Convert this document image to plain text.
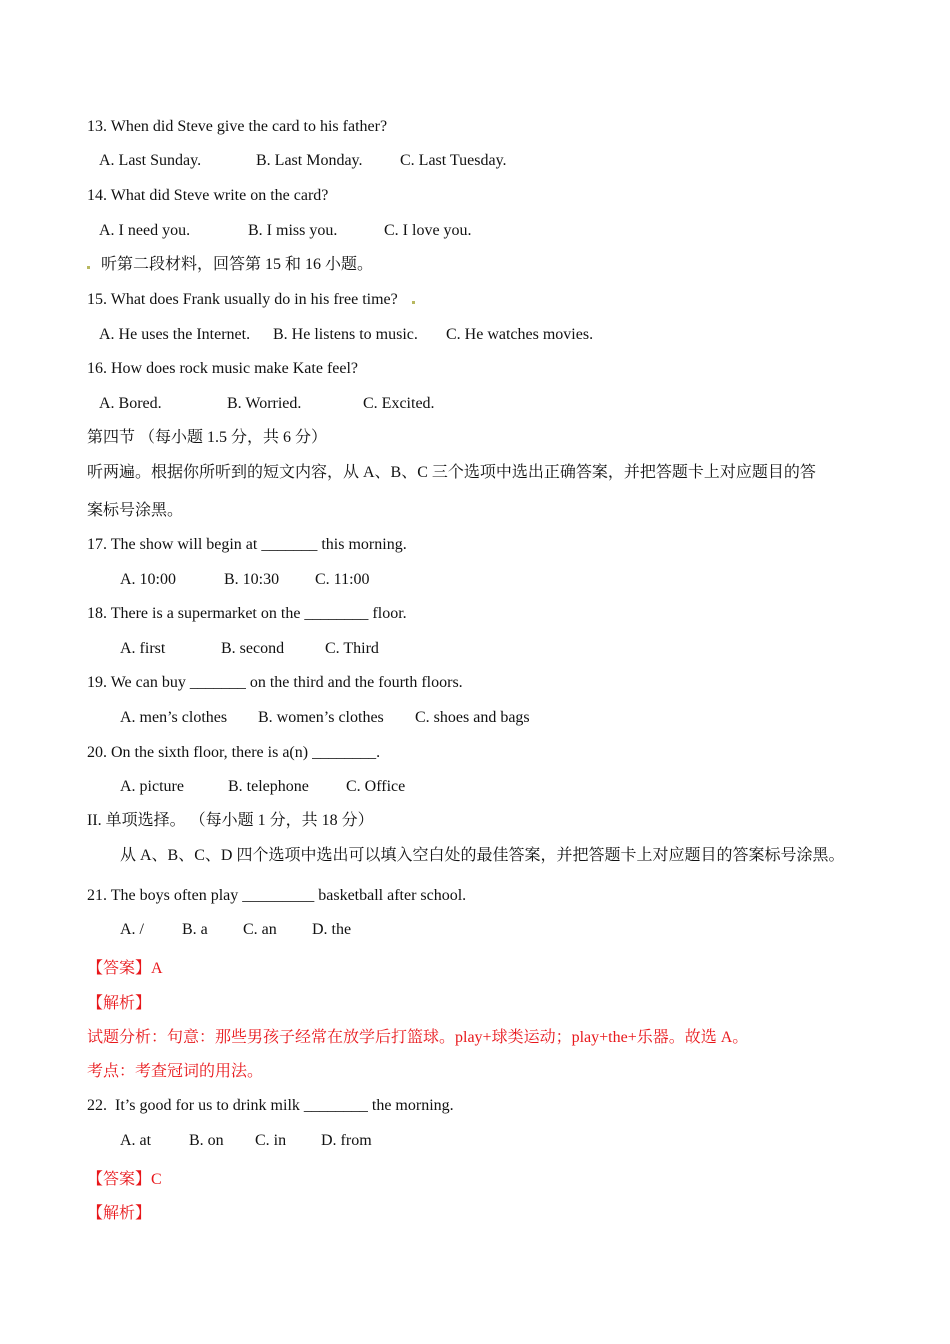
13. When did Steve give the card to his father?
A. Last Sunday.	B. Last Monday. C. Last Tuesday.
14. What did Steve write on the card?
A. I need you.	B. I miss you.	C. I love you.
听第二段材料，回答第 15 和 16 小题。
15. What does Frank usually do in his free time?
A. He uses the Internet. B. He listens to music. C. He watches movies.
16. How does rock music make Kate feel?
A. Bored.	B. Worried.	C. Excited.
第四节 （每小题 1.5 分，共 6 分）
听两遍。根据你所听到的短文内容，从 A、B、C 三个选项中选出正确答案，并把答题卡上对应题目的答
案标号涂黑。
17. The show will begin at _______ this morning.
A. 10:00	B. 10:30 C. 11:00
18. There is a supermarket on the ________ floor.
A. first	B. second	C. Third
19. We can buy _______ on the third and the fourth floors.
A. men’s clothes B. women’s clothes C. shoes and bags
20. On the sixth floor, there is a(n) ________.
A. picture	B. telephone C. Office
II. 单项选择。 （每小题 1 分，共 18 分）
从 A、B、C、D 四个选项中选出可以填入空白处的最佳答案，并把答题卡上对应题目的答案标号涂黑。
21. The boys often play _________ basketball after school.
A. / B. a C. an D. the
【答案】A
【解析】
试题分析：句意：那些男孩子经常在放学后打篮球。play+球类运动；play+the+乐器。故选 A。
考点：考查冠词的用法。
22.  It’s good for us to drink milk ________ the morning.
A. at B. on C. in D. from
【答案】C
【解析】
